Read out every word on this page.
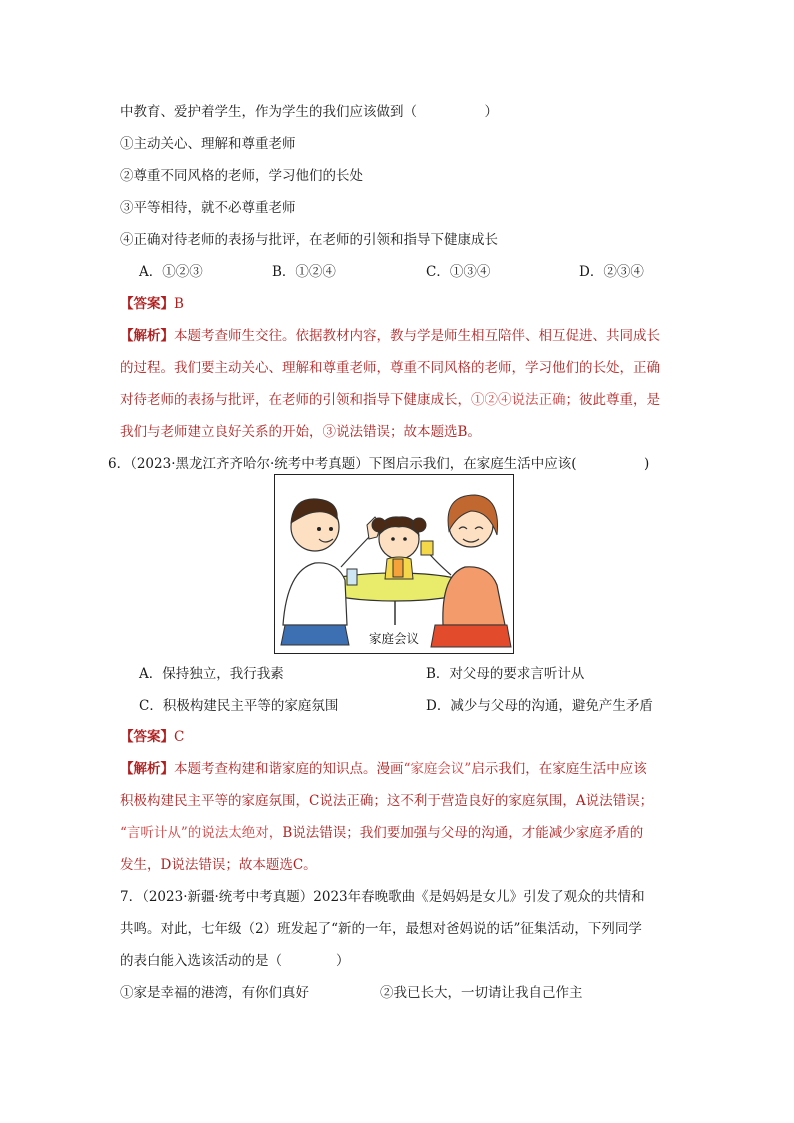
中教育、爱护着学生，作为学生的我们应该做到（　　　　　）
①主动关心、理解和尊重老师
②尊重不同风格的老师，学习他们的长处
③平等相待，就不必尊重老师
④正确对待老师的表扬与批评，在老师的引领和指导下健康成长
A．①②③	B．①②④	C．①③④	D．②③④
【答案】B
【解析】本题考查师生交往。依据教材内容，教与学是师生相互陪伴、相互促进、共同成长
的过程。我们要主动关心、理解和尊重老师，尊重不同风格的老师，学习他们的长处，正确
对待老师的表扬与批评，在老师的引领和指导下健康成长，①②④说法正确；彼此尊重，是
我们与老师建立良好关系的开始，③说法错误；故本题选B。
6．（2023·黑龙江齐齐哈尔·统考中考真题）下图启示我们，在家庭生活中应该(　　　　　)
家庭会议
A．保持独立，我行我素	B．对父母的要求言听计从
C．积极构建民主平等的家庭氛围	D．减少与父母的沟通，避免产生矛盾
【答案】C
【解析】本题考查构建和谐家庭的知识点。漫画“家庭会议”启示我们，在家庭生活中应该
积极构建民主平等的家庭氛围，C说法正确；这不利于营造良好的家庭氛围，A说法错误；
“言听计从”的说法太绝对，B说法错误；我们要加强与父母的沟通，才能减少家庭矛盾的
发生，D说法错误；故本题选C。
7．（2023·新疆·统考中考真题）2023年春晚歌曲《是妈妈是女儿》引发了观众的共情和
共鸣。对此，七年级（2）班发起了“新的一年，最想对爸妈说的话”征集活动，下列同学
的表白能入选该活动的是（　　　　）
①家是幸福的港湾，有你们真好	②我已长大，一切请让我自己作主
